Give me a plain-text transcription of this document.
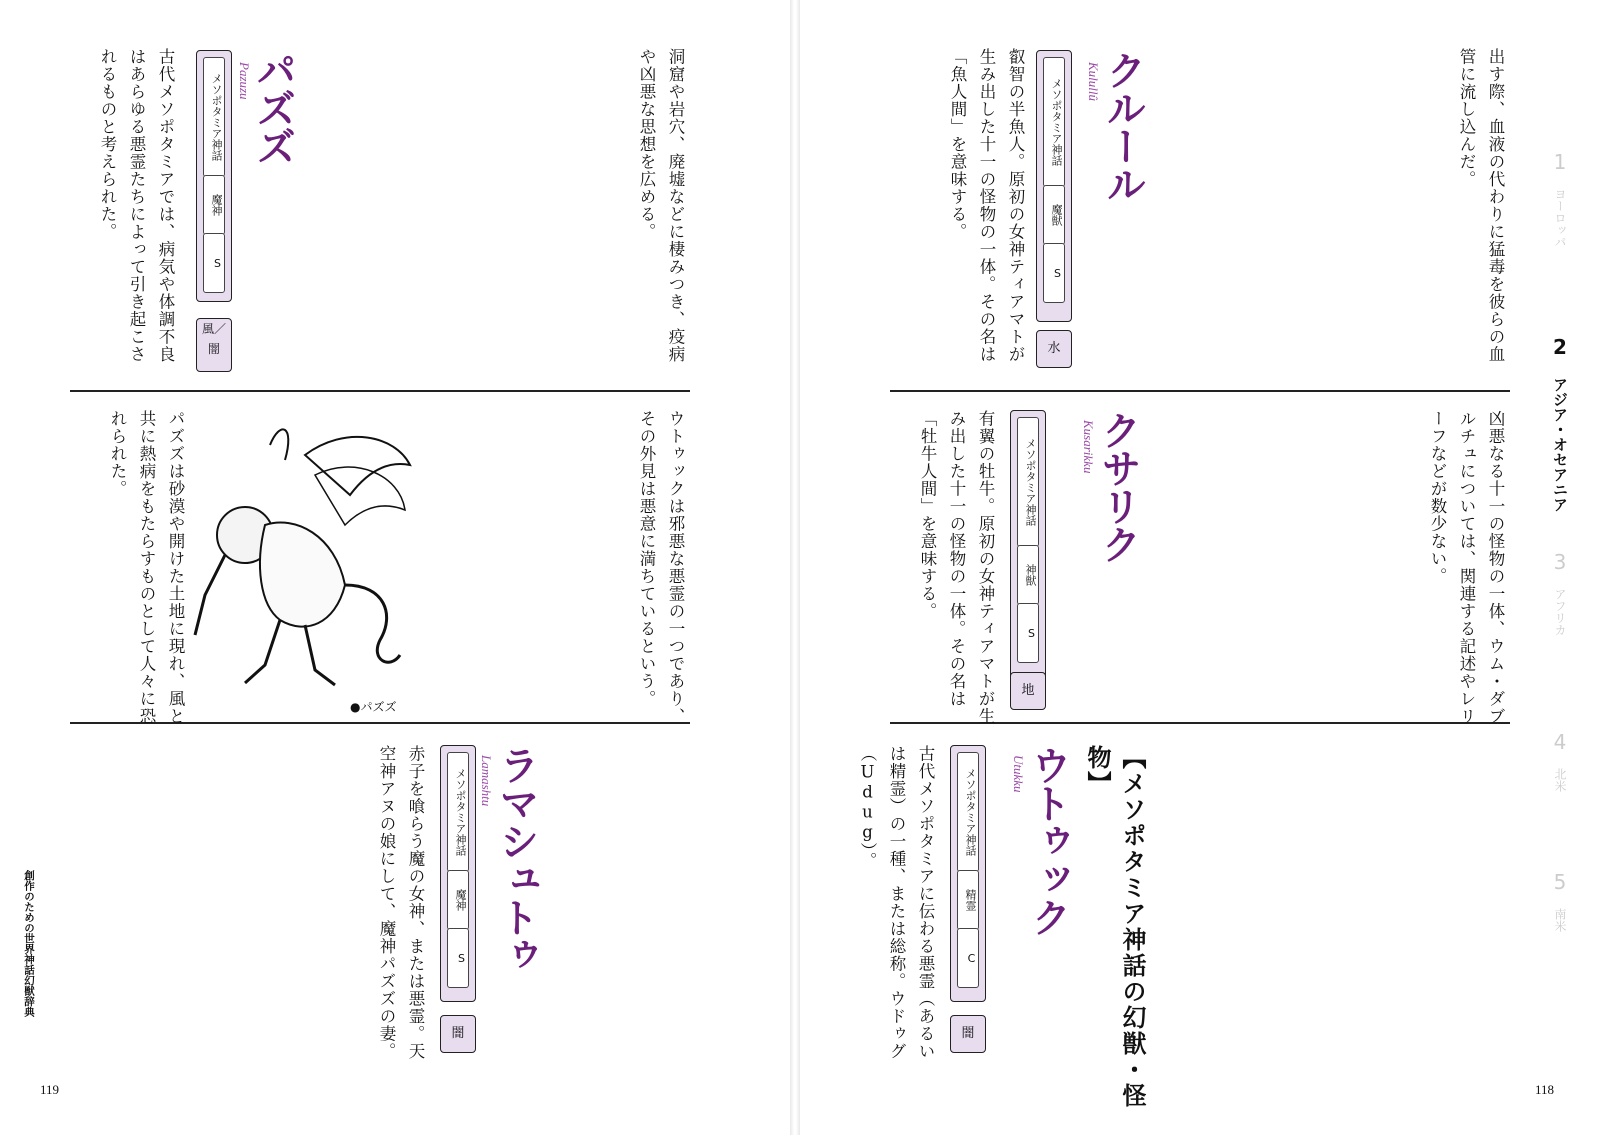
パズズ
Pazuzu
メソポタミア神話
魔神
S
風／闇	洞窟や岩穴、廃墟などに棲みつき、疫病や凶悪な思想を広める。
古代メソポタミアでは、病気や体調不良はあらゆる悪霊たちによって引き起こされるものと考えられた。
ウトゥックは邪悪な悪霊の一つであり、その外見は悪意に満ちているという。
パズズは砂漠や開けた土地に現れ、風と共に熱病をもたらすものとして人々に恐れられた。
●パズズ
ラマシュトゥ
Lamashtu
メソポタミア神話
魔神
S
闇
赤子を喰らう魔の女神、または悪霊。天空神アヌの娘にして、魔神パズズの妻。
創作のための世界神話幻獣辞典
119
出す際、血液の代わりに猛毒を彼らの血管に流し込んだ。
凶悪なる十一の怪物の一体、ウム・ダブルチュについては、関連する記述やレリーフなどが数少ない。
クルール
Kulullû
メソポタミア神話
魔獣
S
水
叡智の半魚人。原初の女神ティアマトが生み出した十一の怪物の一体。その名は「魚人間」を意味する。
クサリク
Kusarikku
メソポタミア神話
神獣
S
地
有翼の牡牛。原初の女神ティアマトが生み出した十一の怪物の一体。その名は「牡牛人間」を意味する。
【メソポタミア神話の幻獣・怪物】
ウトゥック
Utukku
メソポタミア神話
精霊
C
闇
古代メソポタミアに伝わる悪霊（あるいは精霊）の一種、または総称。ウドゥグ（Udug）。
118
1 ヨーロッパ
2 アジア・オセアニア
3 アフリカ
4 北米
5 南米
